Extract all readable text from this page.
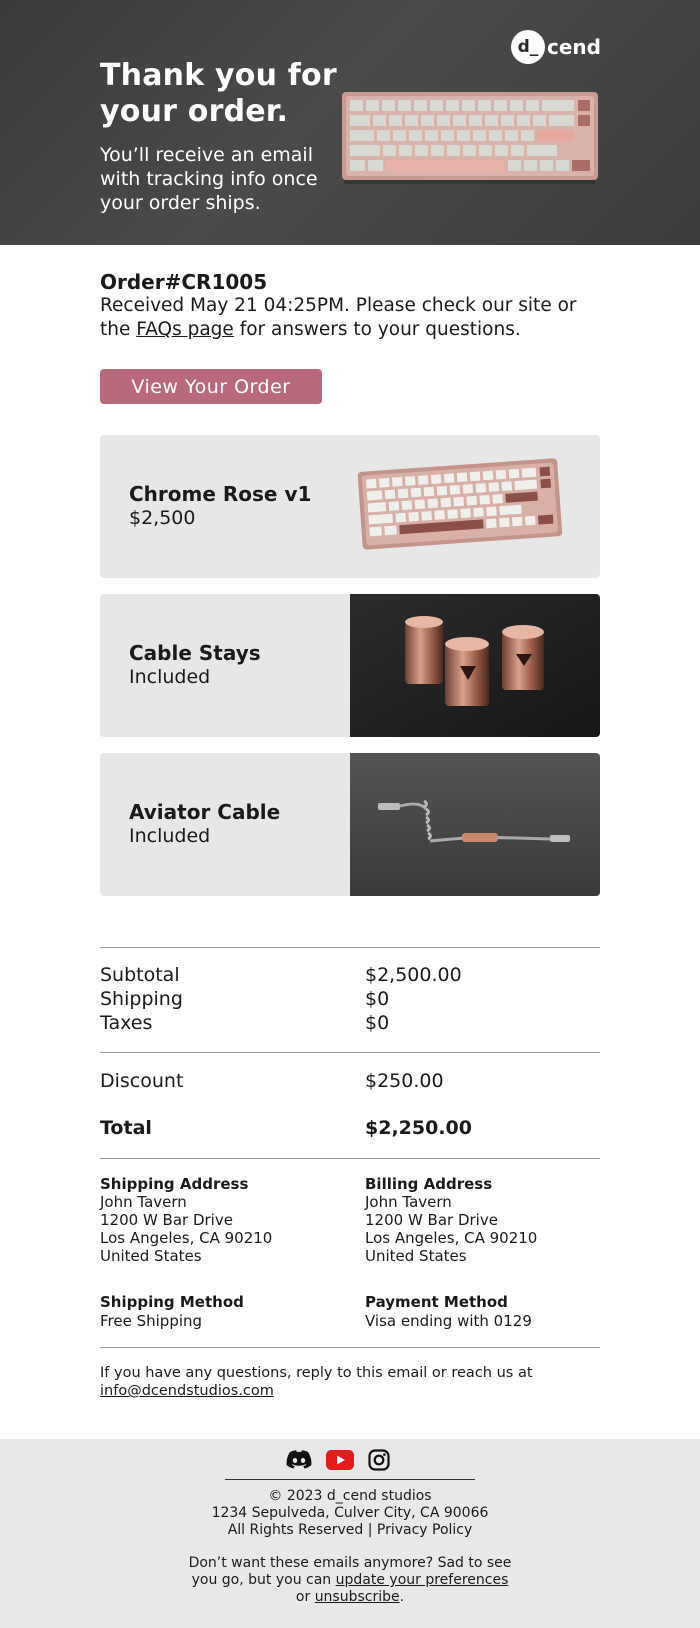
Thank you for your order.
You’ll receive an email with tracking info once your order ships.
d_ cend
Order#CR1005
Received May 21 04:25PM. Please check our site or the FAQs page for answers to your questions.
View Your Order
Chrome Rose v1
$2,500
Cable Stays
Included
Aviator Cable
Included
Subtotal	$2,500.00
Shipping	$0
Taxes	$0
Discount	$250.00
Total	$2,250.00
Shipping Address
John Tavern
1200 W Bar Drive
Los Angeles, CA 90210
United States
Billing Address
John Tavern
1200 W Bar Drive
Los Angeles, CA 90210
United States
Shipping Method
Free Shipping
Payment Method
Visa ending with 0129
If you have any questions, reply to this email or reach us at
info@dcendstudios.com
© 2023 d_cend studios
1234 Sepulveda, Culver City, CA 90066
All Rights Reserved | Privacy Policy
Don’t want these emails anymore? Sad to see
you go, but you can update your preferences
or unsubscribe.
